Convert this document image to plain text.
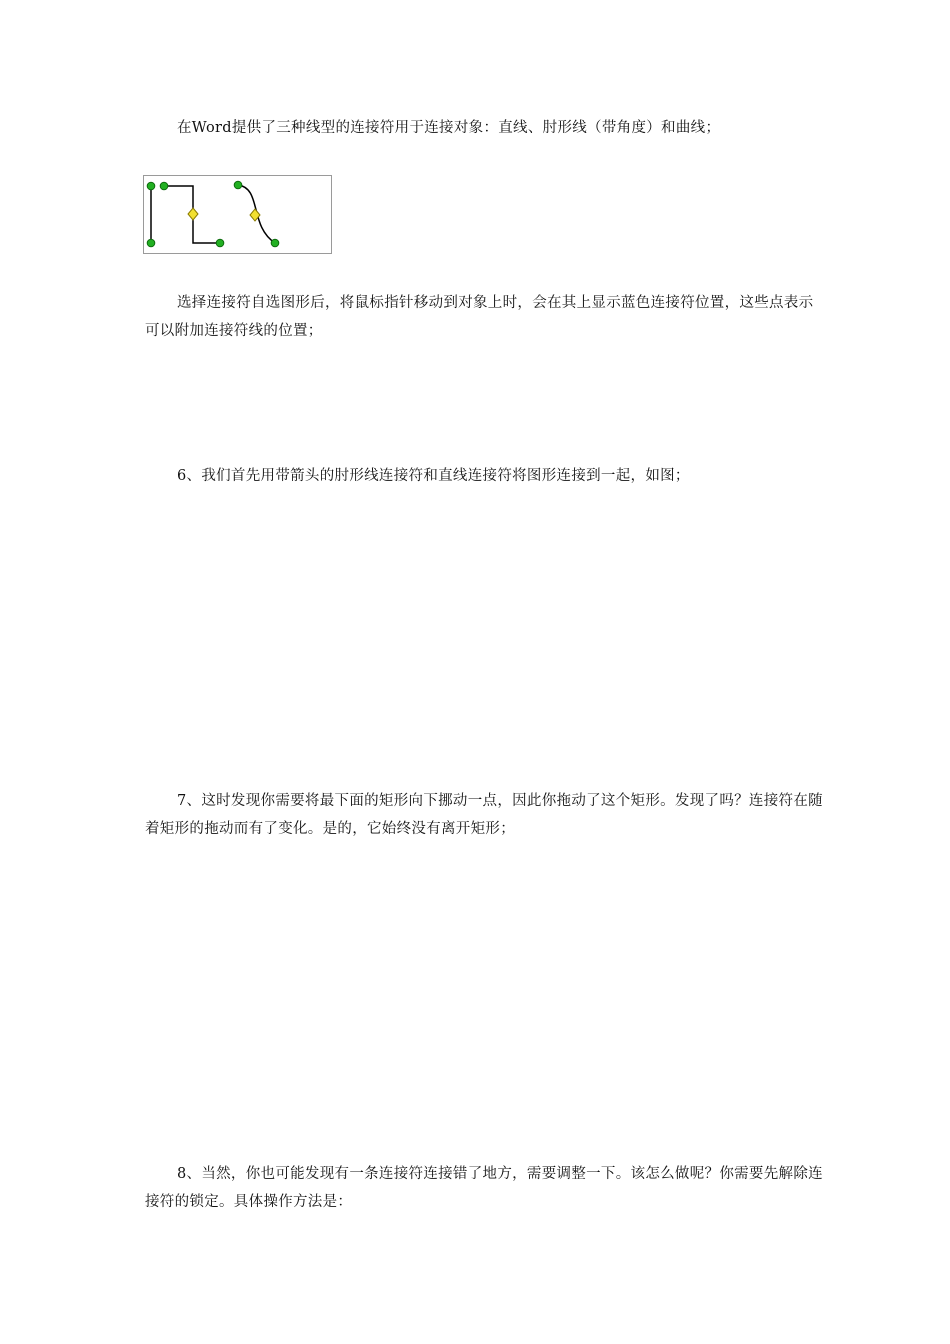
在Word提供了三种线型的连接符用于连接对象：直线、肘形线（带角度）和曲线；

选择连接符自选图形后，将鼠标指针移动到对象上时，会在其上显示蓝色连接符位置，这些点表示可以附加连接符线的位置；

6、我们首先用带箭头的肘形线连接符和直线连接符将图形连接到一起，如图；

7、这时发现你需要将最下面的矩形向下挪动一点，因此你拖动了这个矩形。发现了吗？连接符在随着矩形的拖动而有了变化。是的，它始终没有离开矩形；

8、当然，你也可能发现有一条连接符连接错了地方，需要调整一下。该怎么做呢？你需要先解除连接符的锁定。具体操作方法是：
